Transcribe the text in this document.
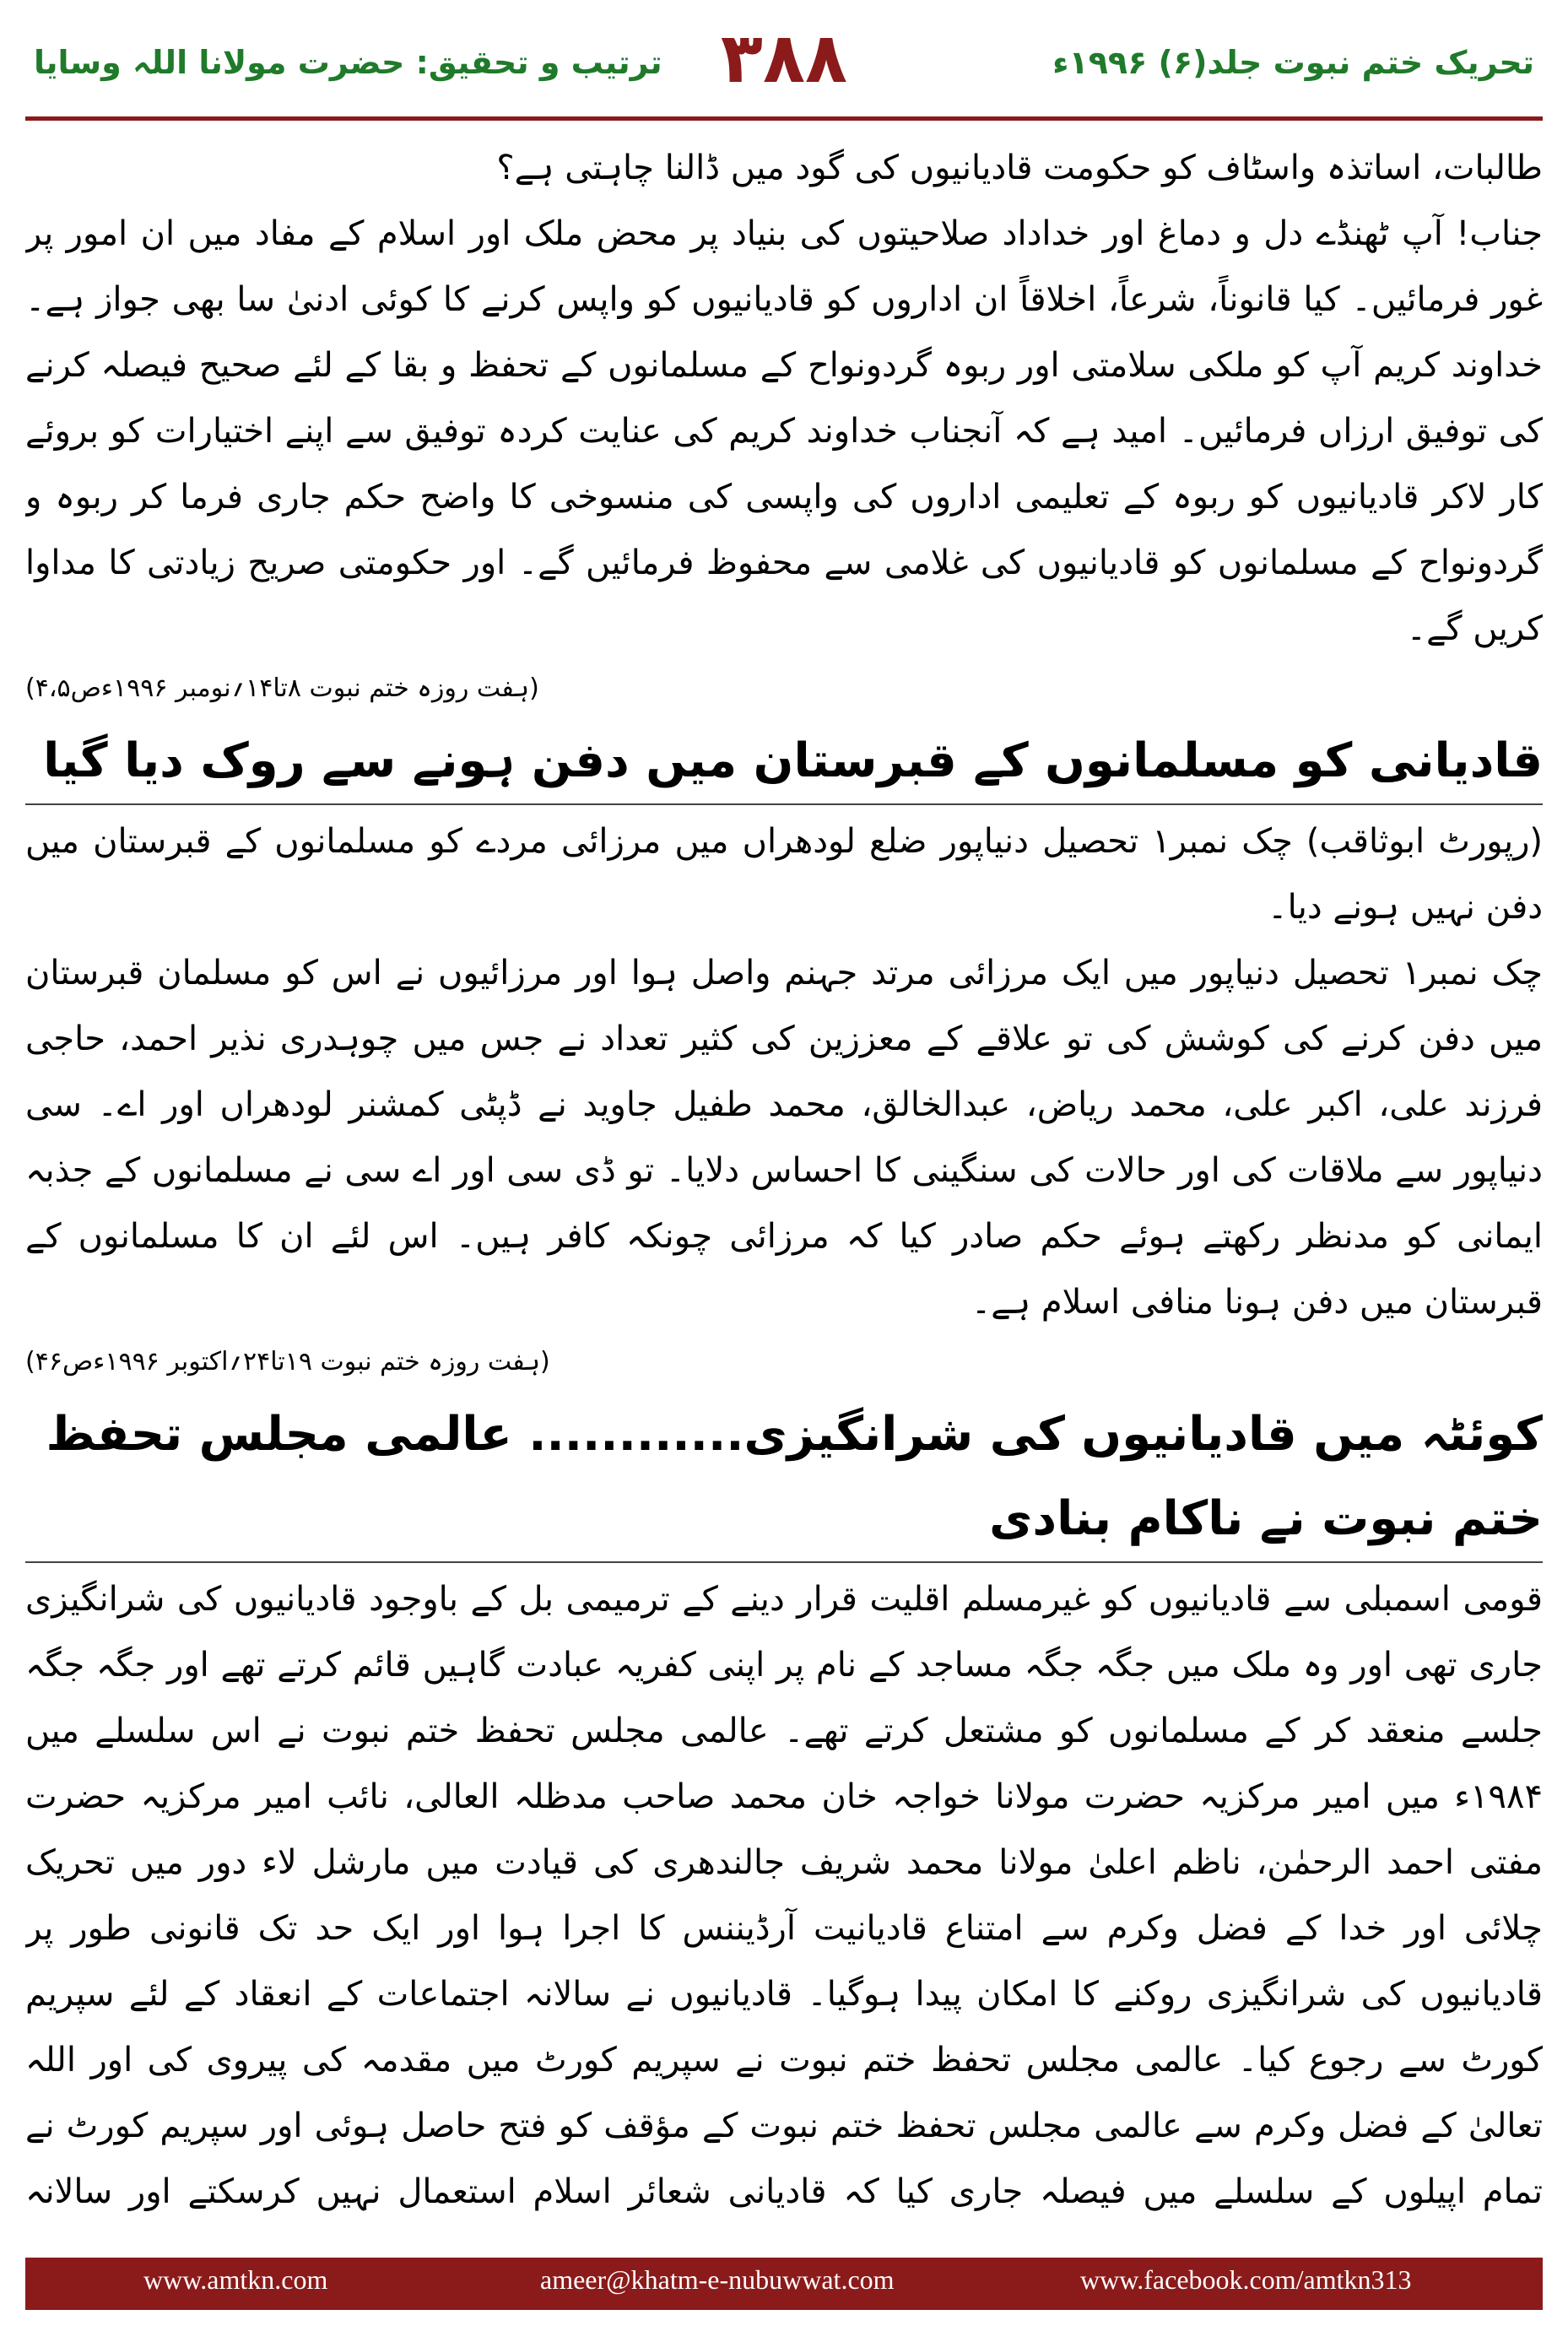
ترتیب و تحقیق: حضرت مولانا اللہ وسایا ۳۸۸	تحریک ختم نبوت جلد(۶) ۱۹۹۶ء

طالبات، اساتذہ واسٹاف کو حکومت قادیانیوں کی گود میں ڈالنا چاہتی ہے؟

جناب! آپ ٹھنڈے دل و دماغ اور خداداد صلاحیتوں کی بنیاد پر محض ملک اور اسلام کے مفاد میں ان امور پر غور فرمائیں۔ کیا قانوناً، شرعاً، اخلاقاً ان اداروں کو قادیانیوں کو واپس کرنے کا کوئی ادنیٰ سا بھی جواز ہے۔ خداوند کریم آپ کو ملکی سلامتی اور ربوہ گردونواح کے مسلمانوں کے تحفظ و بقا کے لئے صحیح فیصلہ کرنے کی توفیق ارزاں فرمائیں۔ امید ہے کہ آنجناب خداوند کریم کی عنایت کردہ توفیق سے اپنے اختیارات کو بروئے کار لاکر قادیانیوں کو ربوہ کے تعلیمی اداروں کی واپسی کی منسوخی کا واضح حکم جاری فرما کر ربوہ و گردونواح کے مسلمانوں کو قادیانیوں کی غلامی سے محفوظ فرمائیں گے۔ اور حکومتی صریح زیادتی کا مداوا کریں گے۔

(ہفت روزہ ختم نبوت ۸تا۱۴؍نومبر ۱۹۹۶ءص۴،۵)
قادیانی کو مسلمانوں کے قبرستان میں دفن ہونے سے روک دیا گیا

(رپورٹ ابوثاقب) چک نمبر۱ تحصیل دنیاپور ضلع لودھراں میں مرزائی مردے کو مسلمانوں کے قبرستان میں دفن نہیں ہونے دیا۔

چک نمبر۱ تحصیل دنیاپور میں ایک مرزائی مرتد جہنم واصل ہوا اور مرزائیوں نے اس کو مسلمان قبرستان میں دفن کرنے کی کوشش کی تو علاقے کے معززین کی کثیر تعداد نے جس میں چوہدری نذیر احمد، حاجی فرزند علی، اکبر علی، محمد ریاض، عبدالخالق، محمد طفیل جاوید نے ڈپٹی کمشنر لودھراں اور اے۔ سی دنیاپور سے ملاقات کی اور حالات کی سنگینی کا احساس دلایا۔ تو ڈی سی اور اے سی نے مسلمانوں کے جذبہ ایمانی کو مدنظر رکھتے ہوئے حکم صادر کیا کہ مرزائی چونکہ کافر ہیں۔ اس لئے ان کا مسلمانوں کے قبرستان میں دفن ہونا منافی اسلام ہے۔

(ہفت روزہ ختم نبوت ۱۹تا۲۴؍اکتوبر ۱۹۹۶ءص۴۶)
کوئٹہ میں قادیانیوں کی شرانگیزی............ عالمی مجلس تحفظ ختم نبوت نے ناکام بنادی

قومی اسمبلی سے قادیانیوں کو غیرمسلم اقلیت قرار دینے کے ترمیمی بل کے باوجود قادیانیوں کی شرانگیزی جاری تھی اور وہ ملک میں جگہ جگہ مساجد کے نام پر اپنی کفریہ عبادت گاہیں قائم کرتے تھے اور جگہ جگہ جلسے منعقد کر کے مسلمانوں کو مشتعل کرتے تھے۔ عالمی مجلس تحفظ ختم نبوت نے اس سلسلے میں ۱۹۸۴ء میں امیر مرکزیہ حضرت مولانا خواجہ خان محمد صاحب مدظلہ العالی، نائب امیر مرکزیہ حضرت مفتی احمد الرحمٰن، ناظم اعلیٰ مولانا محمد شریف جالندھری کی قیادت میں مارشل لاء دور میں تحریک چلائی اور خدا کے فضل وکرم سے امتناع قادیانیت آرڈیننس کا اجرا ہوا اور ایک حد تک قانونی طور پر قادیانیوں کی شرانگیزی روکنے کا امکان پیدا ہوگیا۔ قادیانیوں نے سالانہ اجتماعات کے انعقاد کے لئے سپریم کورٹ سے رجوع کیا۔ عالمی مجلس تحفظ ختم نبوت نے سپریم کورٹ میں مقدمہ کی پیروی کی اور اللہ تعالیٰ کے فضل وکرم سے عالمی مجلس تحفظ ختم نبوت کے مؤقف کو فتح حاصل ہوئی اور سپریم کورٹ نے تمام اپیلوں کے سلسلے میں فیصلہ جاری کیا کہ قادیانی شعائر اسلام استعمال نہیں کرسکتے اور سالانہ

www.amtkn.com	ameer@khatm-e-nubuwwat.com	www.facebook.com/amtkn313
